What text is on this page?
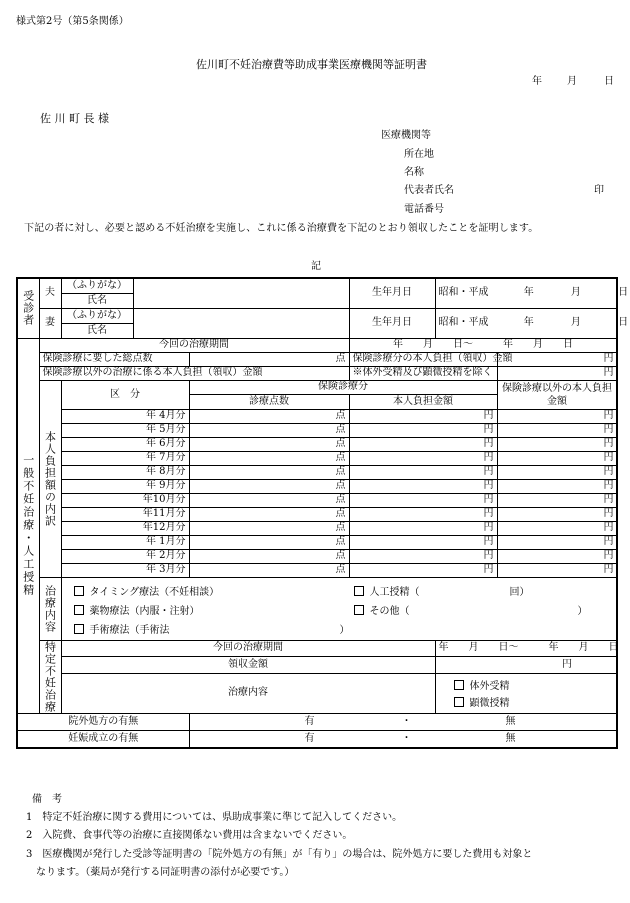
様式第2号（第5条関係）
佐川町不妊治療費等助成事業医療機関等証明書
年	月	日
佐 川 町 長 様
医療機関等
所在地
名称
代表者氏名	印
電話番号
下記の者に対し、必要と認める不妊治療を実施し、これに係る治療費を下記のとおり領収したことを証明します。
記
受診者	夫	（ふりがな）			生年月日	昭和・平成 年 月 日	
		氏名					
	妻	（ふりがな）			生年月日	昭和・平成 年 月 日	
		氏名					
一般不妊治療・人工授精	今回の治療期間				年　　月　　日～　　　年　　月　　日		
	保険診療に要した総点数			点	保険診療分の本人負担（領収）金額		円
	保険診療以外の治療に係る本人負担（領収）金額				※体外受精及び顕微授精を除く		円
	本人負担額の内訳	区　分		保険診療分			保険診療以外の本人負担金額
				診療点数	本人負担金額		
		年 4月分		点	円		円
		年 5月分		点	円		円
		年 6月分		点	円		円
		年 7月分		点	円		円
		年 8月分		点	円		円
		年 9月分		点	円		円
		年10月分		点	円		円
		年11月分		点	円		円
		年12月分		点	円		円
		年 1月分		点	円		円
		年 2月分		点	円		円
		年 3月分		点	円		円
	治療内容	タイミング療法（不妊相談） 人工授精（ 回）
薬物療法（内服・注射） その他（ ）
手術療法（手術法 ）					

	特定不妊治療	今回の治療期間				年　　月　　日～　　　年　　月　　日	
		領収金額				円	
		治療内容				体外受精
顕微授精	

院外処方の有無				有 ・ 無			

妊娠成立の有無				有 ・ 無			
備　考
1　特定不妊治療に関する費用については、県助成事業に準じて記入してください。
2　入院費、食事代等の治療に直接関係ない費用は含まないでください。
3　医療機関が発行した受診等証明書の「院外処方の有無」が「有り」の場合は、院外処方に要した費用も対象と
なります。（薬局が発行する同証明書の添付が必要です。）
